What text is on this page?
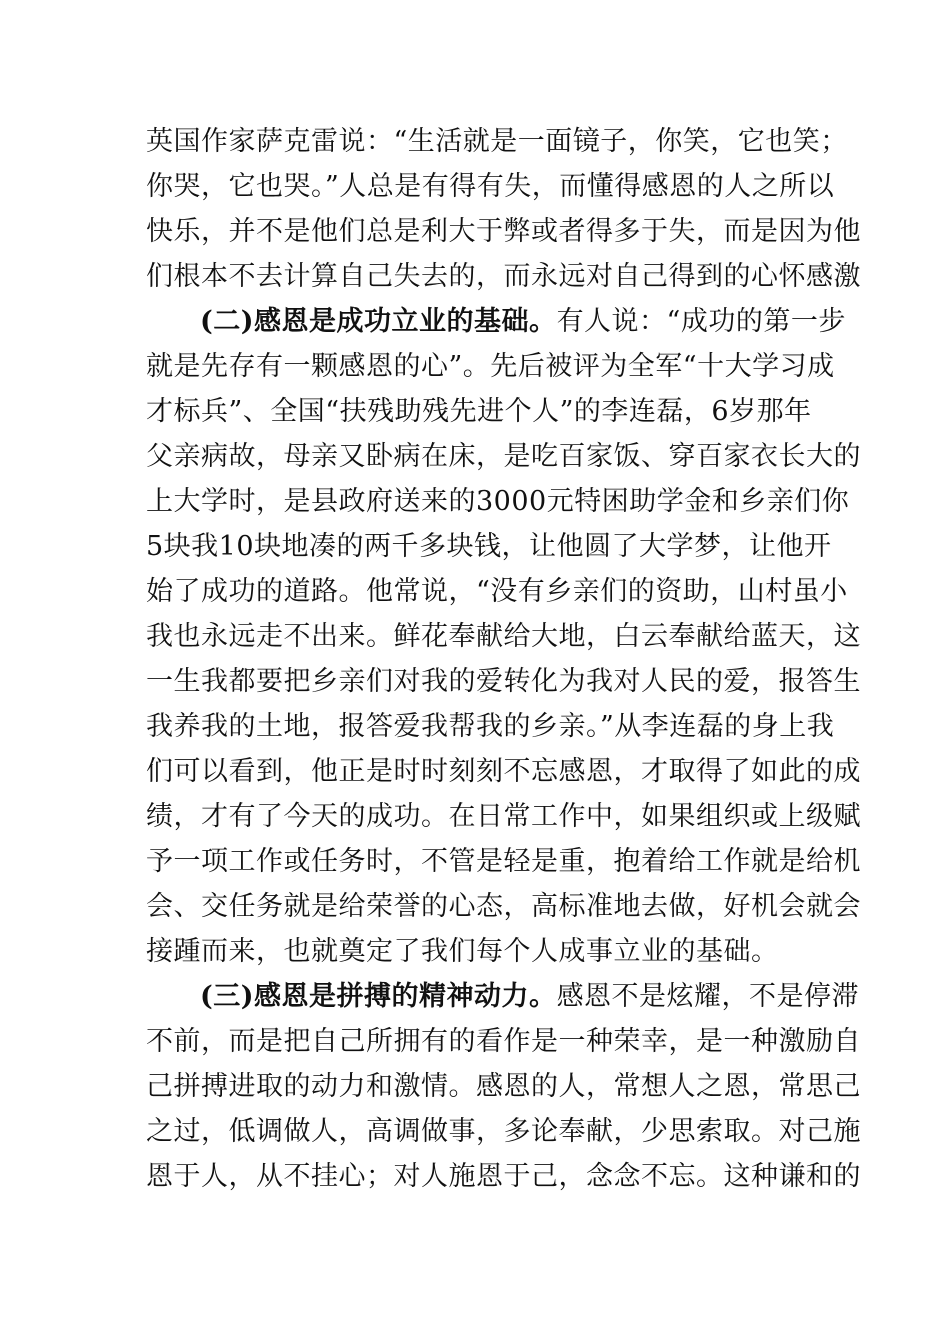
英国作家萨克雷说：“生活就是一面镜子，你笑，它也笑；
你哭，它也哭。”人总是有得有失，而懂得感恩的人之所以
快乐，并不是他们总是利大于弊或者得多于失，而是因为他
们根本不去计算自己失去的，而永远对自己得到的心怀感激
(二)感恩是成功立业的基础。有人说：“成功的第一步
就是先存有一颗感恩的心”。先后被评为全军“十大学习成
才标兵”、全国“扶残助残先进个人”的李连磊，6岁那年
父亲病故，母亲又卧病在床，是吃百家饭、穿百家衣长大的
上大学时，是县政府送来的3000元特困助学金和乡亲们你
5块我10块地凑的两千多块钱，让他圆了大学梦，让他开
始了成功的道路。他常说，“没有乡亲们的资助，山村虽小
我也永远走不出来。鲜花奉献给大地，白云奉献给蓝天，这
一生我都要把乡亲们对我的爱转化为我对人民的爱，报答生
我养我的土地，报答爱我帮我的乡亲。”从李连磊的身上我
们可以看到，他正是时时刻刻不忘感恩，才取得了如此的成
绩，才有了今天的成功。在日常工作中，如果组织或上级赋
予一项工作或任务时，不管是轻是重，抱着给工作就是给机
会、交任务就是给荣誉的心态，高标准地去做，好机会就会
接踵而来，也就奠定了我们每个人成事立业的基础。
(三)感恩是拼搏的精神动力。感恩不是炫耀，不是停滞
不前，而是把自己所拥有的看作是一种荣幸，是一种激励自
己拼搏进取的动力和激情。感恩的人，常想人之恩，常思己
之过，低调做人，高调做事，多论奉献，少思索取。对己施
恩于人，从不挂心；对人施恩于己，念念不忘。这种谦和的
